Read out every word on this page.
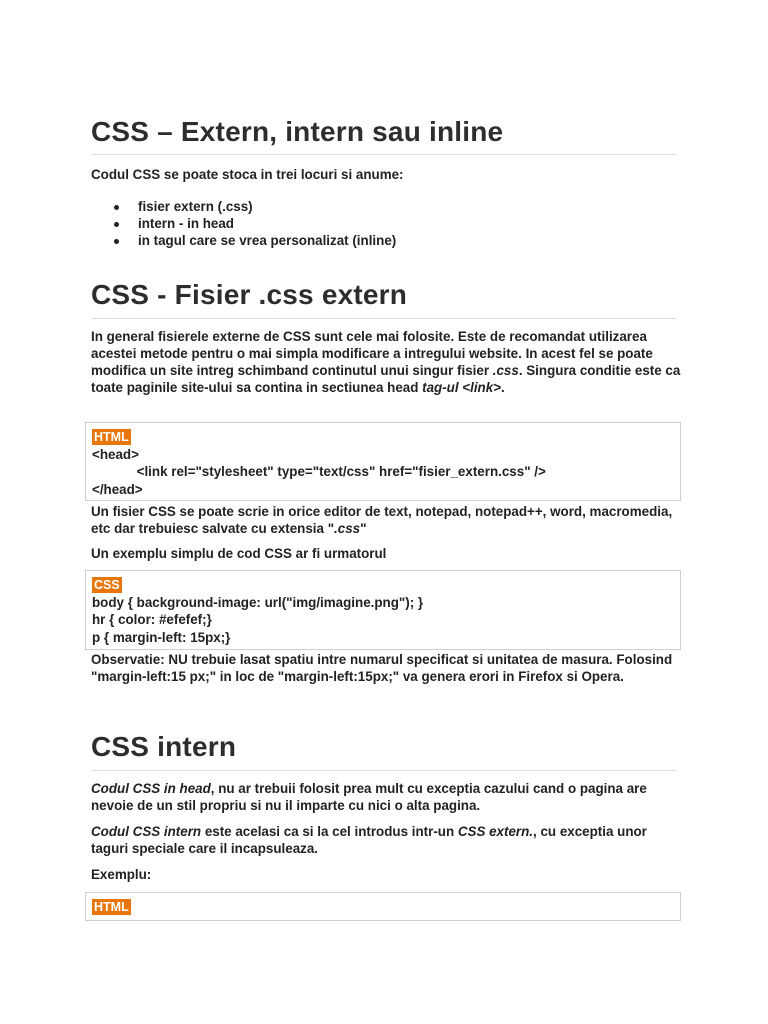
CSS – Extern, intern sau inline

Codul CSS se poate stoca in trei locuri si anume:

fisier extern (.css)
intern - in head
in tagul care se vrea personalizat (inline)
CSS - Fisier .css extern

In general fisierele externe de CSS sunt cele mai folosite. Este de recomandat utilizarea acestei metode pentru o mai simpla modificare a intregului website. In acest fel se poate modifica un site intreg schimband continutul unui singur fisier .css. Singura conditie este ca toate paginile site-ului sa contina in sectiunea head tag-ul <link>.

HTML
<head>
<link rel="stylesheet" type="text/css" href="fisier_extern.css" />
</head>

Un fisier CSS se poate scrie in orice editor de text, notepad, notepad++, word, macromedia, etc dar trebuiesc salvate cu extensia ".css"

Un exemplu simplu de cod CSS ar fi urmatorul

CSS
body { background-image: url("img/imagine.png"); }
hr { color: #efefef;}
p { margin-left: 15px;}

Observatie: NU trebuie lasat spatiu intre numarul specificat si unitatea de masura. Folosind "margin-left:15 px;" in loc de "margin-left:15px;" va genera erori in Firefox si Opera.

CSS intern

Codul CSS in head, nu ar trebuii folosit prea mult cu exceptia cazului cand o pagina are nevoie de un stil propriu si nu il imparte cu nici o alta pagina.

Codul CSS intern este acelasi ca si la cel introdus intr-un CSS extern., cu exceptia unor taguri speciale care il incapsuleaza.

Exemplu:

HTML
